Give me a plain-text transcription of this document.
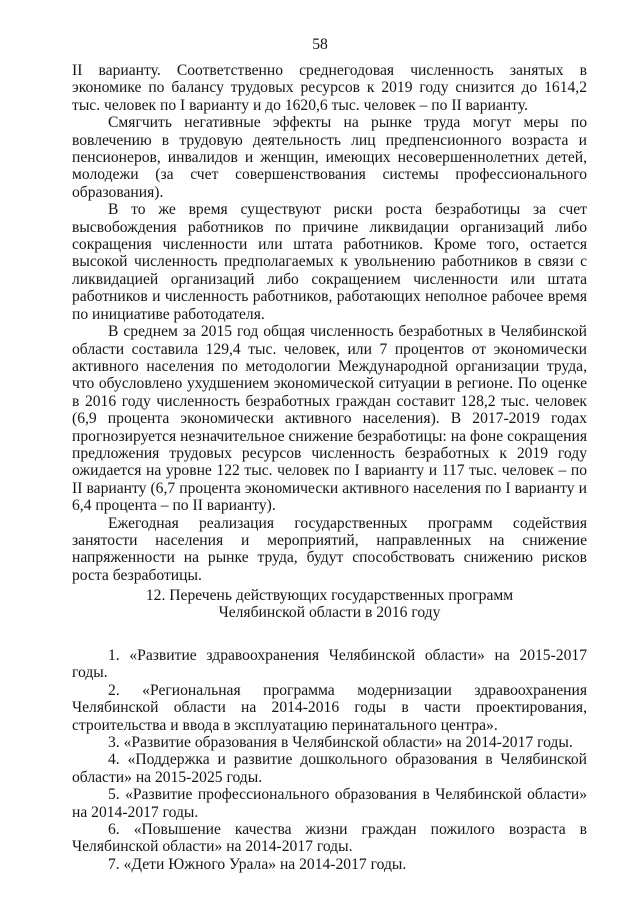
58

II варианту. Соответственно среднегодовая численность занятых в экономике по балансу трудовых ресурсов к 2019 году снизится до 1614,2 тыс. человек по I варианту и до 1620,6 тыс. человек – по II варианту.

Смягчить негативные эффекты на рынке труда могут меры по вовлечению в трудовую деятельность лиц предпенсионного возраста и пенсионеров, инвалидов и женщин, имеющих несовершеннолетних детей, молодежи (за счет совершенствования системы профессионального образования).

В то же время существуют риски роста безработицы за счет высвобождения работников по причине ликвидации организаций либо сокращения численности или штата работников. Кроме того, остается высокой численность предполагаемых к увольнению работников в связи с ликвидацией организаций либо сокращением численности или штата работников и численность работников, работающих неполное рабочее время по инициативе работодателя.

В среднем за 2015 год общая численность безработных в Челябинской области составила 129,4 тыс. человек, или 7 процентов от экономически активного населения по методологии Международной организации труда, что обусловлено ухудшением экономической ситуации в регионе. По оценке в 2016 году численность безработных граждан составит 128,2 тыс. человек (6,9 процента экономически активного населения). В 2017-2019 годах прогнозируется незначительное снижение безработицы: на фоне сокращения предложения трудовых ресурсов численность безработных к 2019 году ожидается на уровне 122 тыс. человек по I варианту и 117 тыс. человек – по II варианту (6,7 процента экономически активного населения по I варианту и 6,4 процента – по II варианту).

Ежегодная реализация государственных программ содействия занятости населения и мероприятий, направленных на снижение напряженности на рынке труда, будут способствовать снижению рисков роста безработицы.

12. Перечень действующих государственных программ
Челябинской области в 2016 году

1. «Развитие здравоохранения Челябинской области» на 2015-2017 годы.

2. «Региональная программа модернизации здравоохранения Челябинской области на 2014-2016 годы в части проектирования, строительства и ввода в эксплуатацию перинатального центра».

3. «Развитие образования в Челябинской области» на 2014-2017 годы.

4. «Поддержка и развитие дошкольного образования в Челябинской области» на 2015-2025 годы.

5. «Развитие профессионального образования в Челябинской области» на 2014-2017 годы.

6. «Повышение качества жизни граждан пожилого возраста в Челябинской области» на 2014-2017 годы.

7. «Дети Южного Урала» на 2014-2017 годы.
